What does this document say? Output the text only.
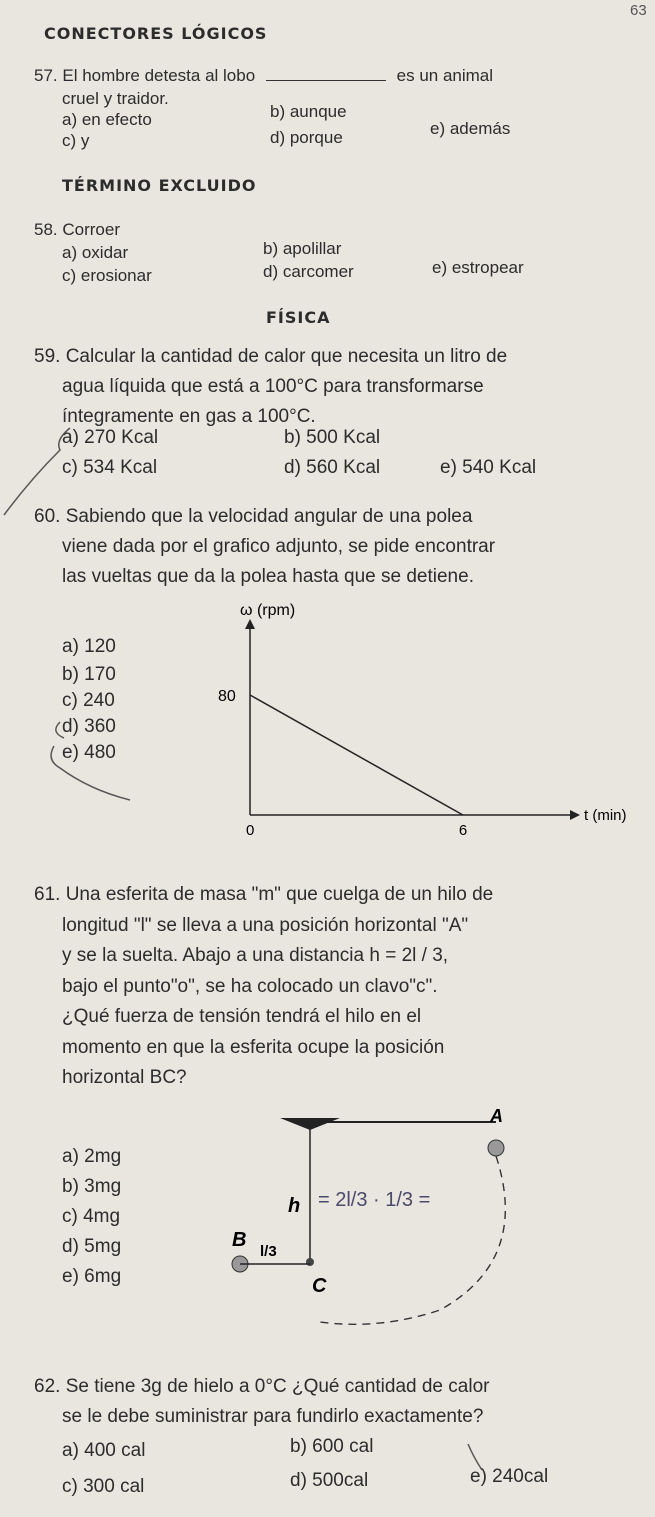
63
CONECTORES LÓGICOS
57. El hombre detesta al lobo	es un animal
cruel y traidor.
a) en efecto	b) aunque
c) y	d) porque	e) además
TÉRMINO EXCLUIDO
58. Corroer
a) oxidar	b) apolillar
c) erosionar	d) carcomer	e) estropear
FÍSICA
59. Calcular la cantidad de calor que necesita un litro de
agua líquida que está a 100°C para transformarse
íntegramente en gas a 100°C.
a) 270 Kcal	b) 500 Kcal
c) 534 Kcal	d) 560 Kcal	e) 540 Kcal
60. Sabiendo que la velocidad angular de una polea
viene dada por el grafico adjunto, se pide encontrar
las vueltas que da la polea hasta que se detiene.
a) 120
b) 170
c) 240
d) 360
e) 480
0	6
80
ω (rpm)
t (min)
61. Una esferita de masa "m" que cuelga de un hilo de
longitud "l" se lleva a una posición horizontal "A"
y se la suelta. Abajo a una distancia h = 2l / 3,
bajo el punto"o", se ha colocado un clavo"c".
¿Qué fuerza de tensión tendrá el hilo en el
momento en que la esferita ocupe la posición
horizontal BC?
a) 2mg
b) 3mg
c) 4mg
d) 5mg
e) 6mg
A
B
C
h
l/3
= 2l/3 · 1/3 =
62. Se tiene 3g de hielo a 0°C ¿Qué cantidad de calor
se le debe suministrar para fundirlo exactamente?
a) 400 cal	b) 600 cal
c) 300 cal	d) 500cal	e) 240cal
